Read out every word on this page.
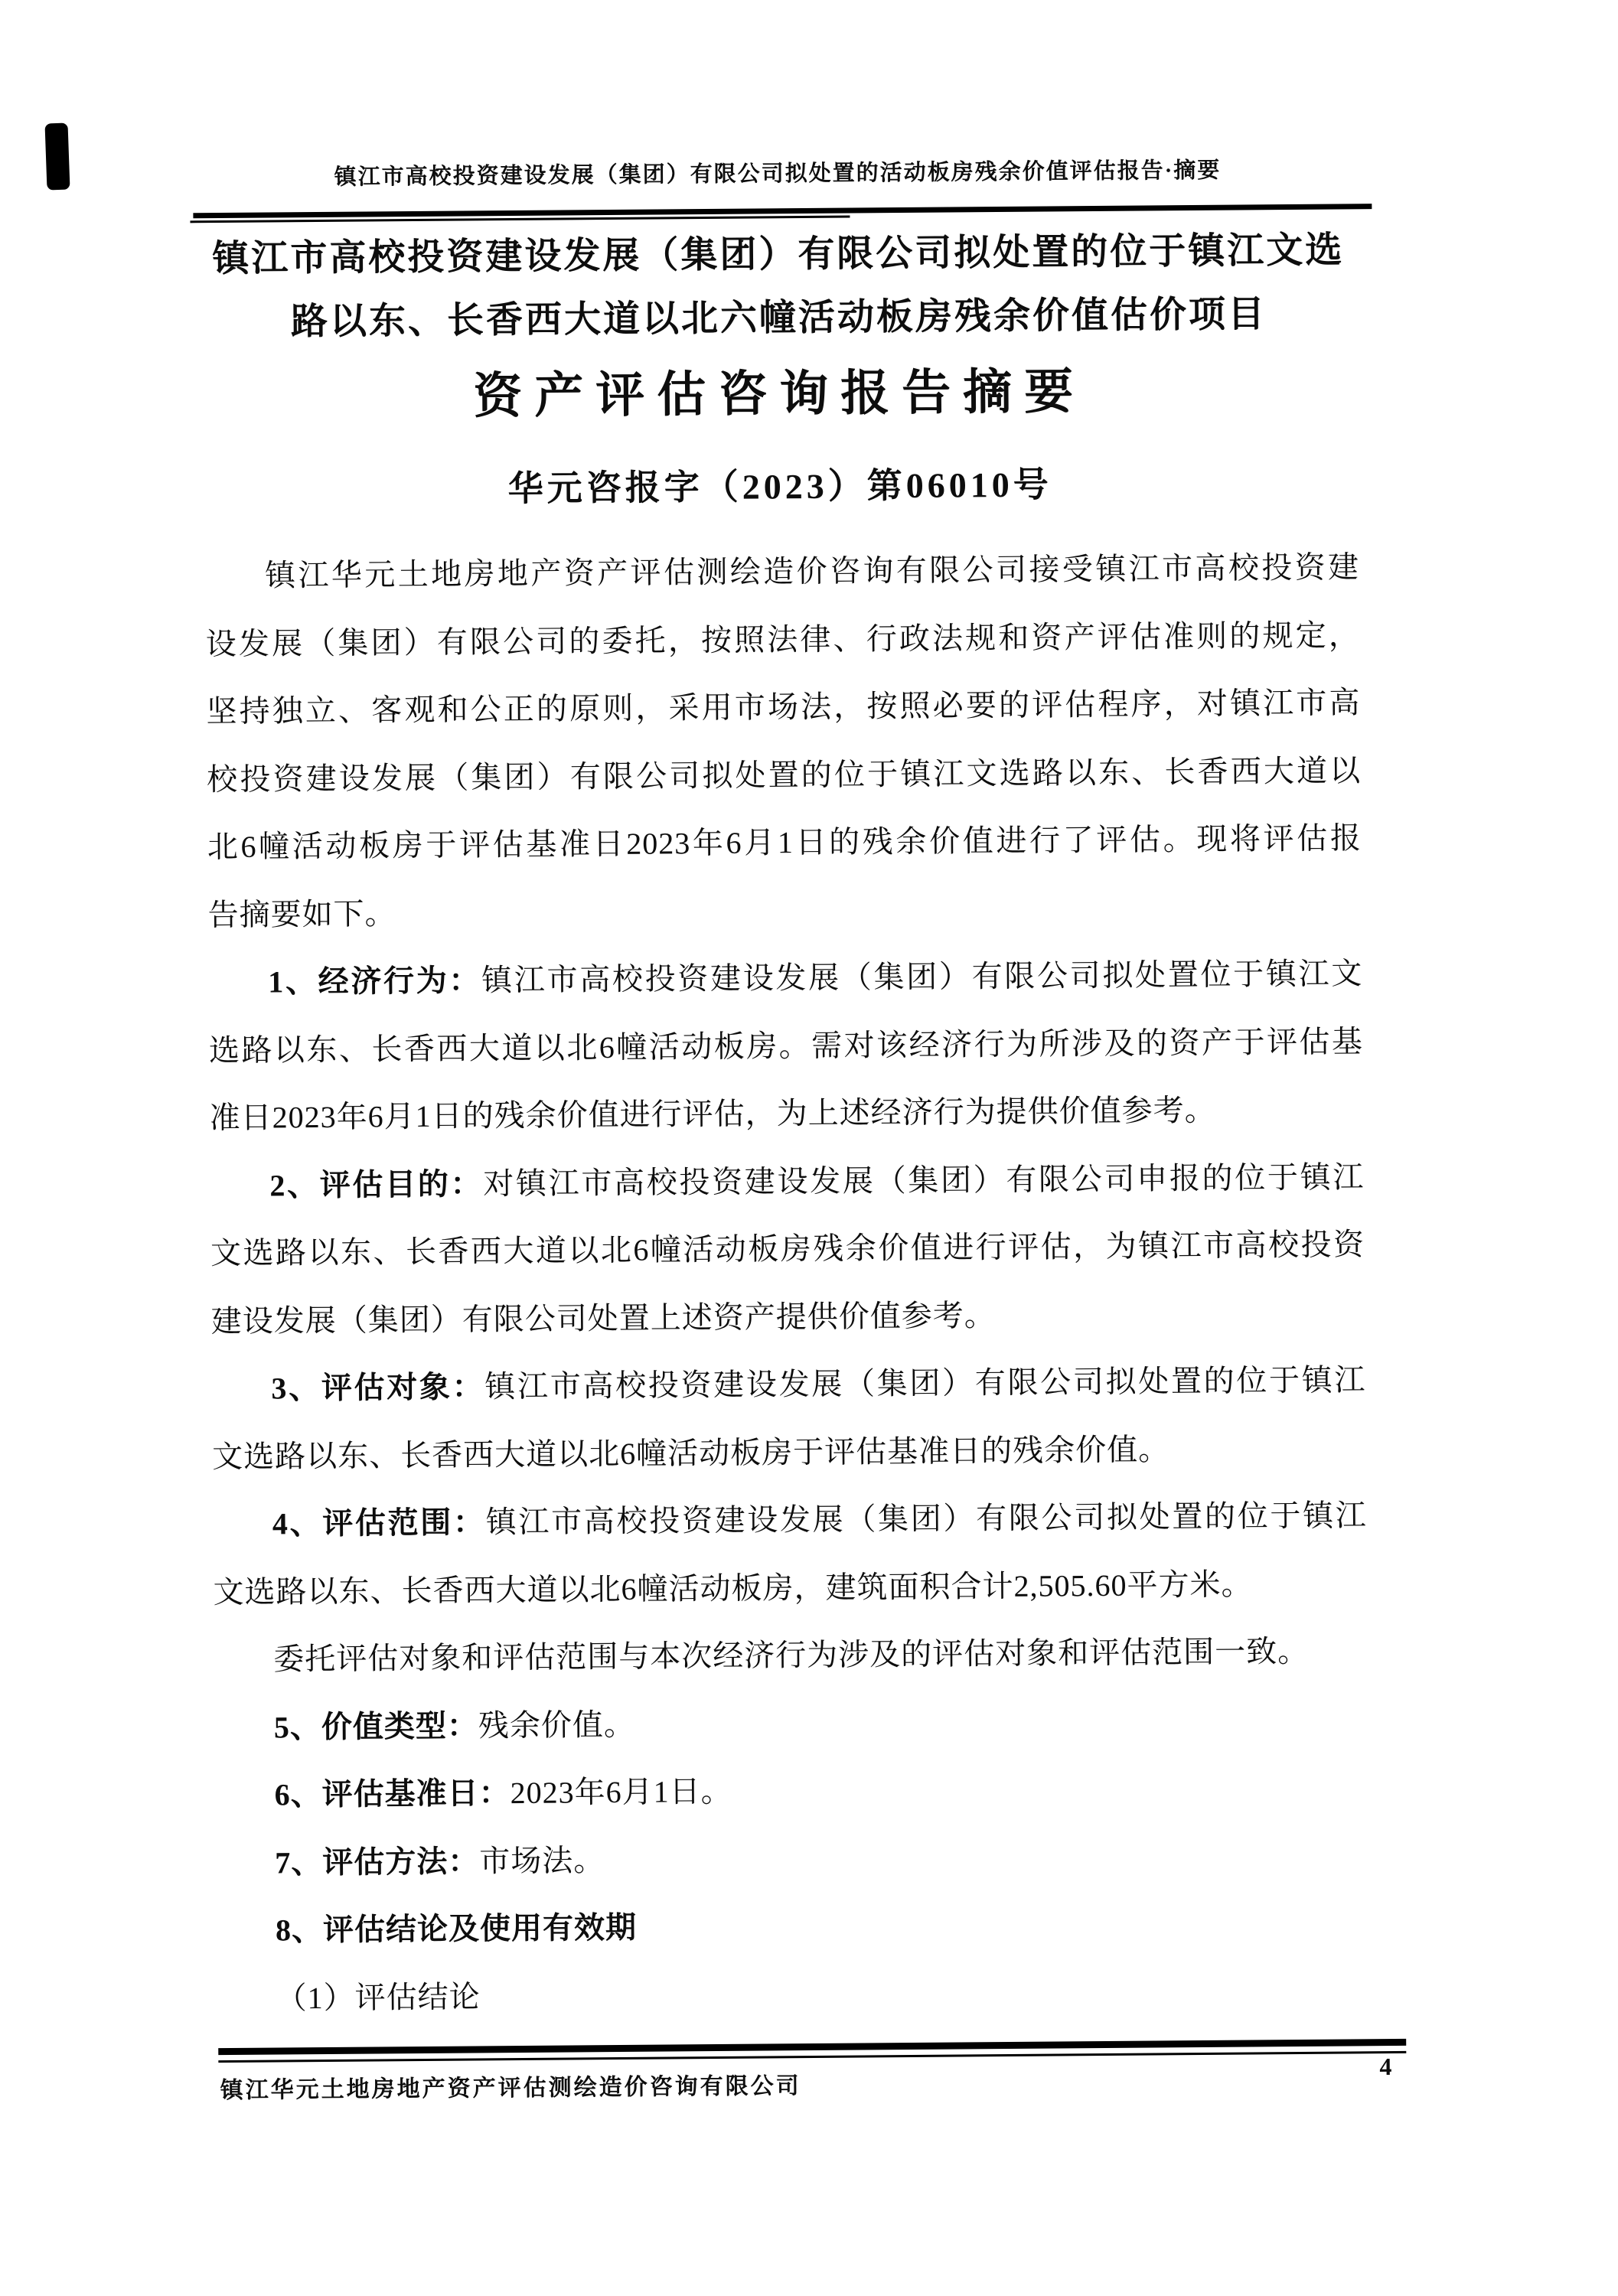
镇江市高校投资建设发展（集团）有限公司拟处置的活动板房残余价值评估报告·摘要
镇江市高校投资建设发展（集团）有限公司拟处置的位于镇江文选
路以东、长香西大道以北六幢活动板房残余价值估价项目
资产评估咨询报告摘要
华元咨报字（2023）第06010号
镇江华元土地房地产资产评估测绘造价咨询有限公司接受镇江市高校投资建
设发展（集团）有限公司的委托，按照法律、行政法规和资产评估准则的规定，
坚持独立、客观和公正的原则，采用市场法，按照必要的评估程序，对镇江市高
校投资建设发展（集团）有限公司拟处置的位于镇江文选路以东、长香西大道以
北6幢活动板房于评估基准日2023年6月1日的残余价值进行了评估。现将评估报
告摘要如下。
1、经济行为：镇江市高校投资建设发展（集团）有限公司拟处置位于镇江文
选路以东、长香西大道以北6幢活动板房。需对该经济行为所涉及的资产于评估基
准日2023年6月1日的残余价值进行评估，为上述经济行为提供价值参考。
2、评估目的：对镇江市高校投资建设发展（集团）有限公司申报的位于镇江
文选路以东、长香西大道以北6幢活动板房残余价值进行评估，为镇江市高校投资
建设发展（集团）有限公司处置上述资产提供价值参考。
3、评估对象：镇江市高校投资建设发展（集团）有限公司拟处置的位于镇江
文选路以东、长香西大道以北6幢活动板房于评估基准日的残余价值。
4、评估范围：镇江市高校投资建设发展（集团）有限公司拟处置的位于镇江
文选路以东、长香西大道以北6幢活动板房，建筑面积合计2,505.60平方米。
委托评估对象和评估范围与本次经济行为涉及的评估对象和评估范围一致。
5、价值类型：残余价值。
6、评估基准日：2023年6月1日。
7、评估方法：市场法。
8、评估结论及使用有效期
（1）评估结论
镇江华元土地房地产资产评估测绘造价咨询有限公司
4
